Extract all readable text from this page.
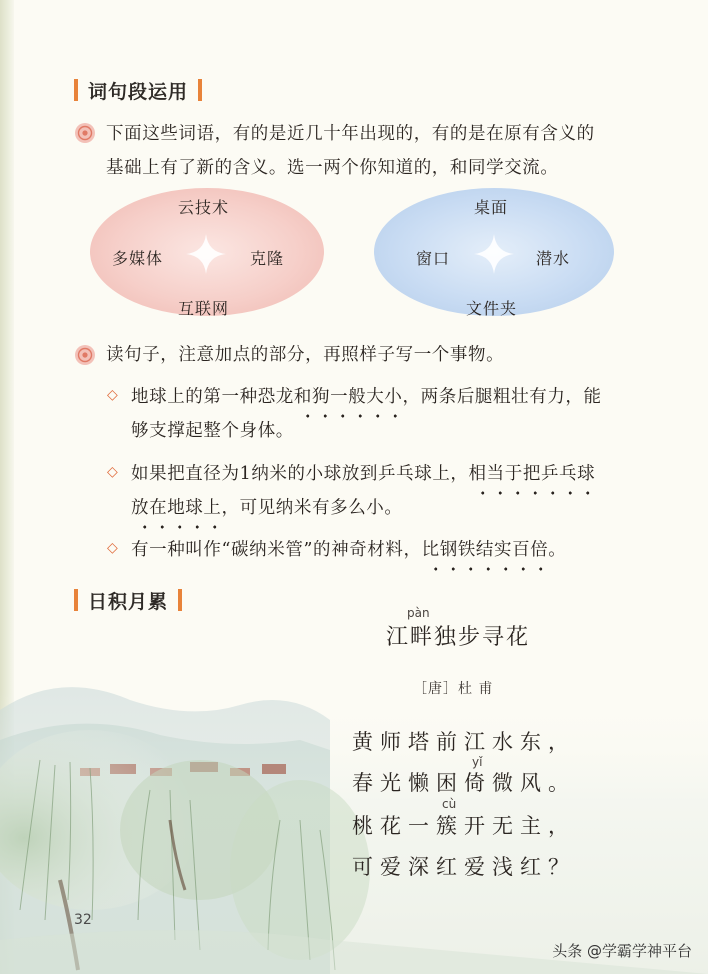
词句段运用
下面这些词语，有的是近几十年出现的，有的是在原有含义的
基础上有了新的含义。选一两个你知道的，和同学交流。
云技术
多媒体	克隆
互联网
桌面
窗口	潜水
文件夹
读句子，注意加点的部分，再照样子写一个事物。
◇ 地球上的第一种恐龙和狗一般大小，两条后腿粗壮有力，能
够支撑起整个身体。
◇ 如果把直径为1纳米的小球放到乒乓球上，相当于把乒乓球
放在地球上，可见纳米有多么小。
◇ 有一种叫作“碳纳米管”的神奇材料，比钢铁结实百倍。
日积月累
pàn
江畔独步寻花
［唐］杜 甫
黄师塔前江水东，
yǐ
春光懒困倚微风。
cù
桃花一簇开无主，
可爱深红爱浅红？
32
头条 @学霸学神平台
